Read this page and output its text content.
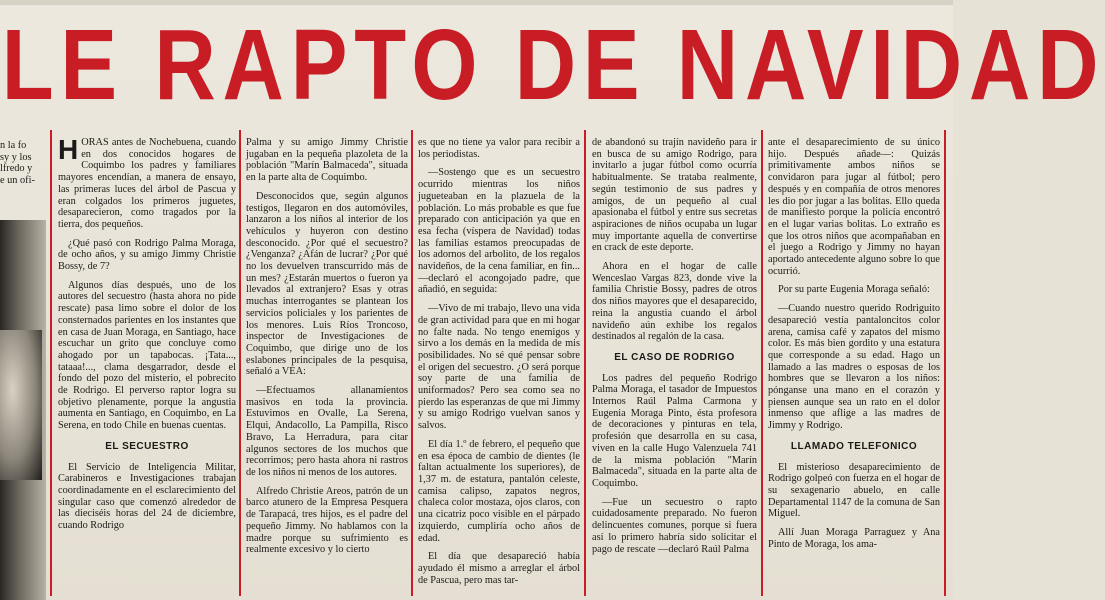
LE RAPTO DE NAVIDAD
n la fo
sy y los
lfredo y
e un ofi-

HORAS antes de Nochebuena, cuando en dos conocidos hogares de Coquimbo los padres y familiares mayores encendían, a manera de ensayo, las primeras luces del árbol de Pascua y eran colgados los primeros juguetes, desaparecieron, como tragados por la tierra, dos pequeños.

¿Qué pasó con Rodrigo Palma Moraga, de ocho años, y su amigo Jimmy Christie Bossy, de 7?

Algunos días después, uno de los autores del secuestro (hasta ahora no pide rescate) pasa limo sobre el dolor de los consternados parientes en los instantes que en casa de Juan Moraga, en Santiago, hace escuchar un grito que concluye como ahogado por un tapabocas. ¡Tata..., tataaa!..., clama desgarrador, desde el fondo del pozo del misterio, el pobrecito de Rodrigo. El perverso raptor logra su objetivo plenamente, porque la angustia aumenta en Santiago, en Coquimbo, en La Serena, en todo Chile en buenas cuentas.

EL SECUESTRO

El Servicio de Inteligencia Militar, Carabineros e Investigaciones trabajan coordinadamente en el esclarecimiento del singular caso que comenzó alrededor de las dieciséis horas del 24 de diciembre, cuando Rodrigo

Palma y su amigo Jimmy Christie jugaban en la pequeña plazoleta de la población "Marín Balmaceda", situada en la parte alta de Coquimbo.

Desconocidos que, según algunos testigos, llegaron en dos automóviles, lanzaron a los niños al interior de los vehículos y huyeron con destino desconocido. ¿Por qué el secuestro? ¿Venganza? ¿Afán de lucrar? ¿Por qué no los devuelven transcurrido más de un mes? ¿Estarán muertos o fueron ya llevados al extranjero? Esas y otras muchas interrogantes se plantean los servicios policiales y los parientes de los menores. Luis Ríos Troncoso, inspector de Investigaciones de Coquimbo, que dirige uno de los eslabones principales de la pesquisa, señaló a VEA:

—Efectuamos allanamientos masivos en toda la provincia. Estuvimos en Ovalle, La Serena, Elqui, Andacollo, La Pampilla, Risco Bravo, La Herradura, para citar algunos sectores de los muchos que recorrimos; pero hasta ahora ni rastros de los niños ni menos de los autores.

Alfredo Christie Areos, patrón de un barco atunero de la Empresa Pesquera de Tarapacá, tres hijos, es el padre del pequeño Jimmy. No hablamos con la madre porque su sufrimiento es realmente excesivo y lo cierto

es que no tiene ya valor para recibir a los periodistas.

—Sostengo que es un secuestro ocurrido mientras los niños jugueteaban en la plazuela de la población. Lo más probable es que fue preparado con anticipación ya que en esa fecha (víspera de Navidad) todas las familias estamos preocupadas de los adornos del arbolito, de los regalos navideños, de la cena familiar, en fin... —declaró el acongojado padre, que añadió, en seguida:

—Vivo de mi trabajo, llevo una vida de gran actividad para que en mi hogar no falte nada. No tengo enemigos y sirvo a los demás en la medida de mis posibilidades. No sé qué pensar sobre el origen del secuestro. ¿O será porque soy parte de una familia de uniformados? Pero sea como sea no pierdo las esperanzas de que mi Jimmy y su amigo Rodrigo vuelvan sanos y salvos.

El día 1.º de febrero, el pequeño que en esa época de cambio de dientes (le faltan actualmente los superiores), de 1,37 m. de estatura, pantalón celeste, camisa calipso, zapatos negros, chaleca color mostaza, ojos claros, con una cicatriz poco visible en el párpado izquierdo, cumpliría ocho años de edad.

El día que desapareció había ayudado él mismo a arreglar el árbol de Pascua, pero mas tar-

de abandonó su trajín navideño para ir en busca de su amigo Rodrigo, para invitarlo a jugar fútbol como ocurría habitualmente. Se trataba realmente, según testimonio de sus padres y amigos, de un pequeño al cual apasionaba el fútbol y entre sus secretas aspiraciones de niños ocupaba un lugar muy importante aquella de convertirse en crack de este deporte.

Ahora en el hogar de calle Wenceslao Vargas 823, donde vive la familia Christie Bossy, padres de otros dos niños mayores que el desaparecido, reina la angustia cuando el árbol navideño aún exhibe los regalos destinados al regalón de la casa.

EL CASO DE RODRIGO

Los padres del pequeño Rodrigo Palma Moraga, el tasador de Impuestos Internos Raúl Palma Carmona y Eugenia Moraga Pinto, ésta profesora de decoraciones y pinturas en tela, profesión que desarrolla en su casa, viven en la calle Hugo Valenzuela 741 de la misma población "Marín Balmaceda", situada en la parte alta de Coquimbo.

—Fue un secuestro o rapto cuidadosamente preparado. No fueron delincuentes comunes, porque si fuera así lo primero habría sido solicitar el pago de rescate —declaró Raúl Palma

ante el desaparecimiento de su único hijo. Después añade—: Quizás primitivamente ambos niños se convidaron para jugar al fútbol; pero después y en compañía de otros menores les dio por jugar a las bolitas. Ello queda de manifiesto porque la policía encontró en el lugar varias bolitas. Lo extraño es que los otros niños que acompañaban en el juego a Rodrigo y Jimmy no hayan aportado antecedente alguno sobre lo que ocurrió.

Por su parte Eugenia Moraga señaló:

—Cuando nuestro querido Rodriguito desapareció vestía pantaloncitos color arena, camisa café y zapatos del mismo color. Es más bien gordito y una estatura que corresponde a su edad. Hago un llamado a las madres o esposas de los hombres que se llevaron a los niños: pónganse una mano en el corazón y piensen aunque sea un rato en el dolor inmenso que aflige a las madres de Jimmy y Rodrigo.

LLAMADO TELEFONICO

El misterioso desaparecimiento de Rodrigo golpeó con fuerza en el hogar de su sexagenario abuelo, en calle Departamental 1147 de la comuna de San Miguel.

Allí Juan Moraga Parraguez y Ana Pinto de Moraga, los ama-
